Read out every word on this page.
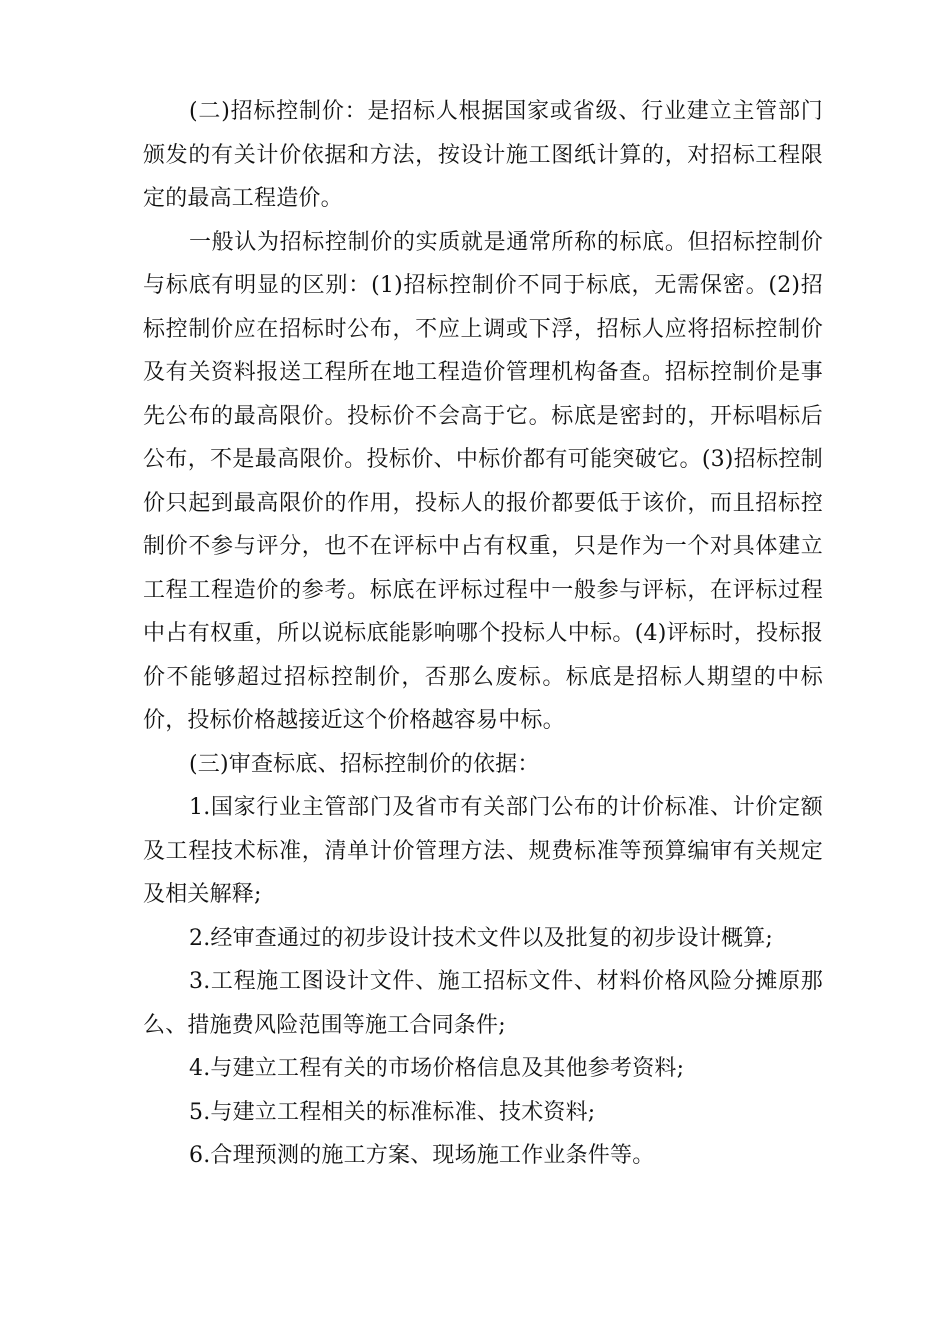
(二)招标控制价：是招标人根据国家或省级、行业建立主管部门颁发的有关计价依据和方法，按设计施工图纸计算的，对招标工程限定的最高工程造价。

一般认为招标控制价的实质就是通常所称的标底。但招标控制价与标底有明显的区别：(1)招标控制价不同于标底，无需保密。(2)招标控制价应在招标时公布，不应上调或下浮，招标人应将招标控制价及有关资料报送工程所在地工程造价管理机构备查。招标控制价是事先公布的最高限价。投标价不会高于它。标底是密封的，开标唱标后公布，不是最高限价。投标价、中标价都有可能突破它。(3)招标控制价只起到最高限价的作用，投标人的报价都要低于该价，而且招标控制价不参与评分，也不在评标中占有权重，只是作为一个对具体建立工程工程造价的参考。标底在评标过程中一般参与评标，在评标过程中占有权重，所以说标底能影响哪个投标人中标。(4)评标时，投标报价不能够超过招标控制价，否那么废标。标底是招标人期望的中标价，投标价格越接近这个价格越容易中标。

(三)审查标底、招标控制价的依据：

1.国家行业主管部门及省市有关部门公布的计价标准、计价定额及工程技术标准，清单计价管理方法、规费标准等预算编审有关规定及相关解释;

2.经审查通过的初步设计技术文件以及批复的初步设计概算;

3.工程施工图设计文件、施工招标文件、材料价格风险分摊原那么、措施费风险范围等施工合同条件;

4.与建立工程有关的市场价格信息及其他参考资料;

5.与建立工程相关的标准标准、技术资料;

6.合理预测的施工方案、现场施工作业条件等。
